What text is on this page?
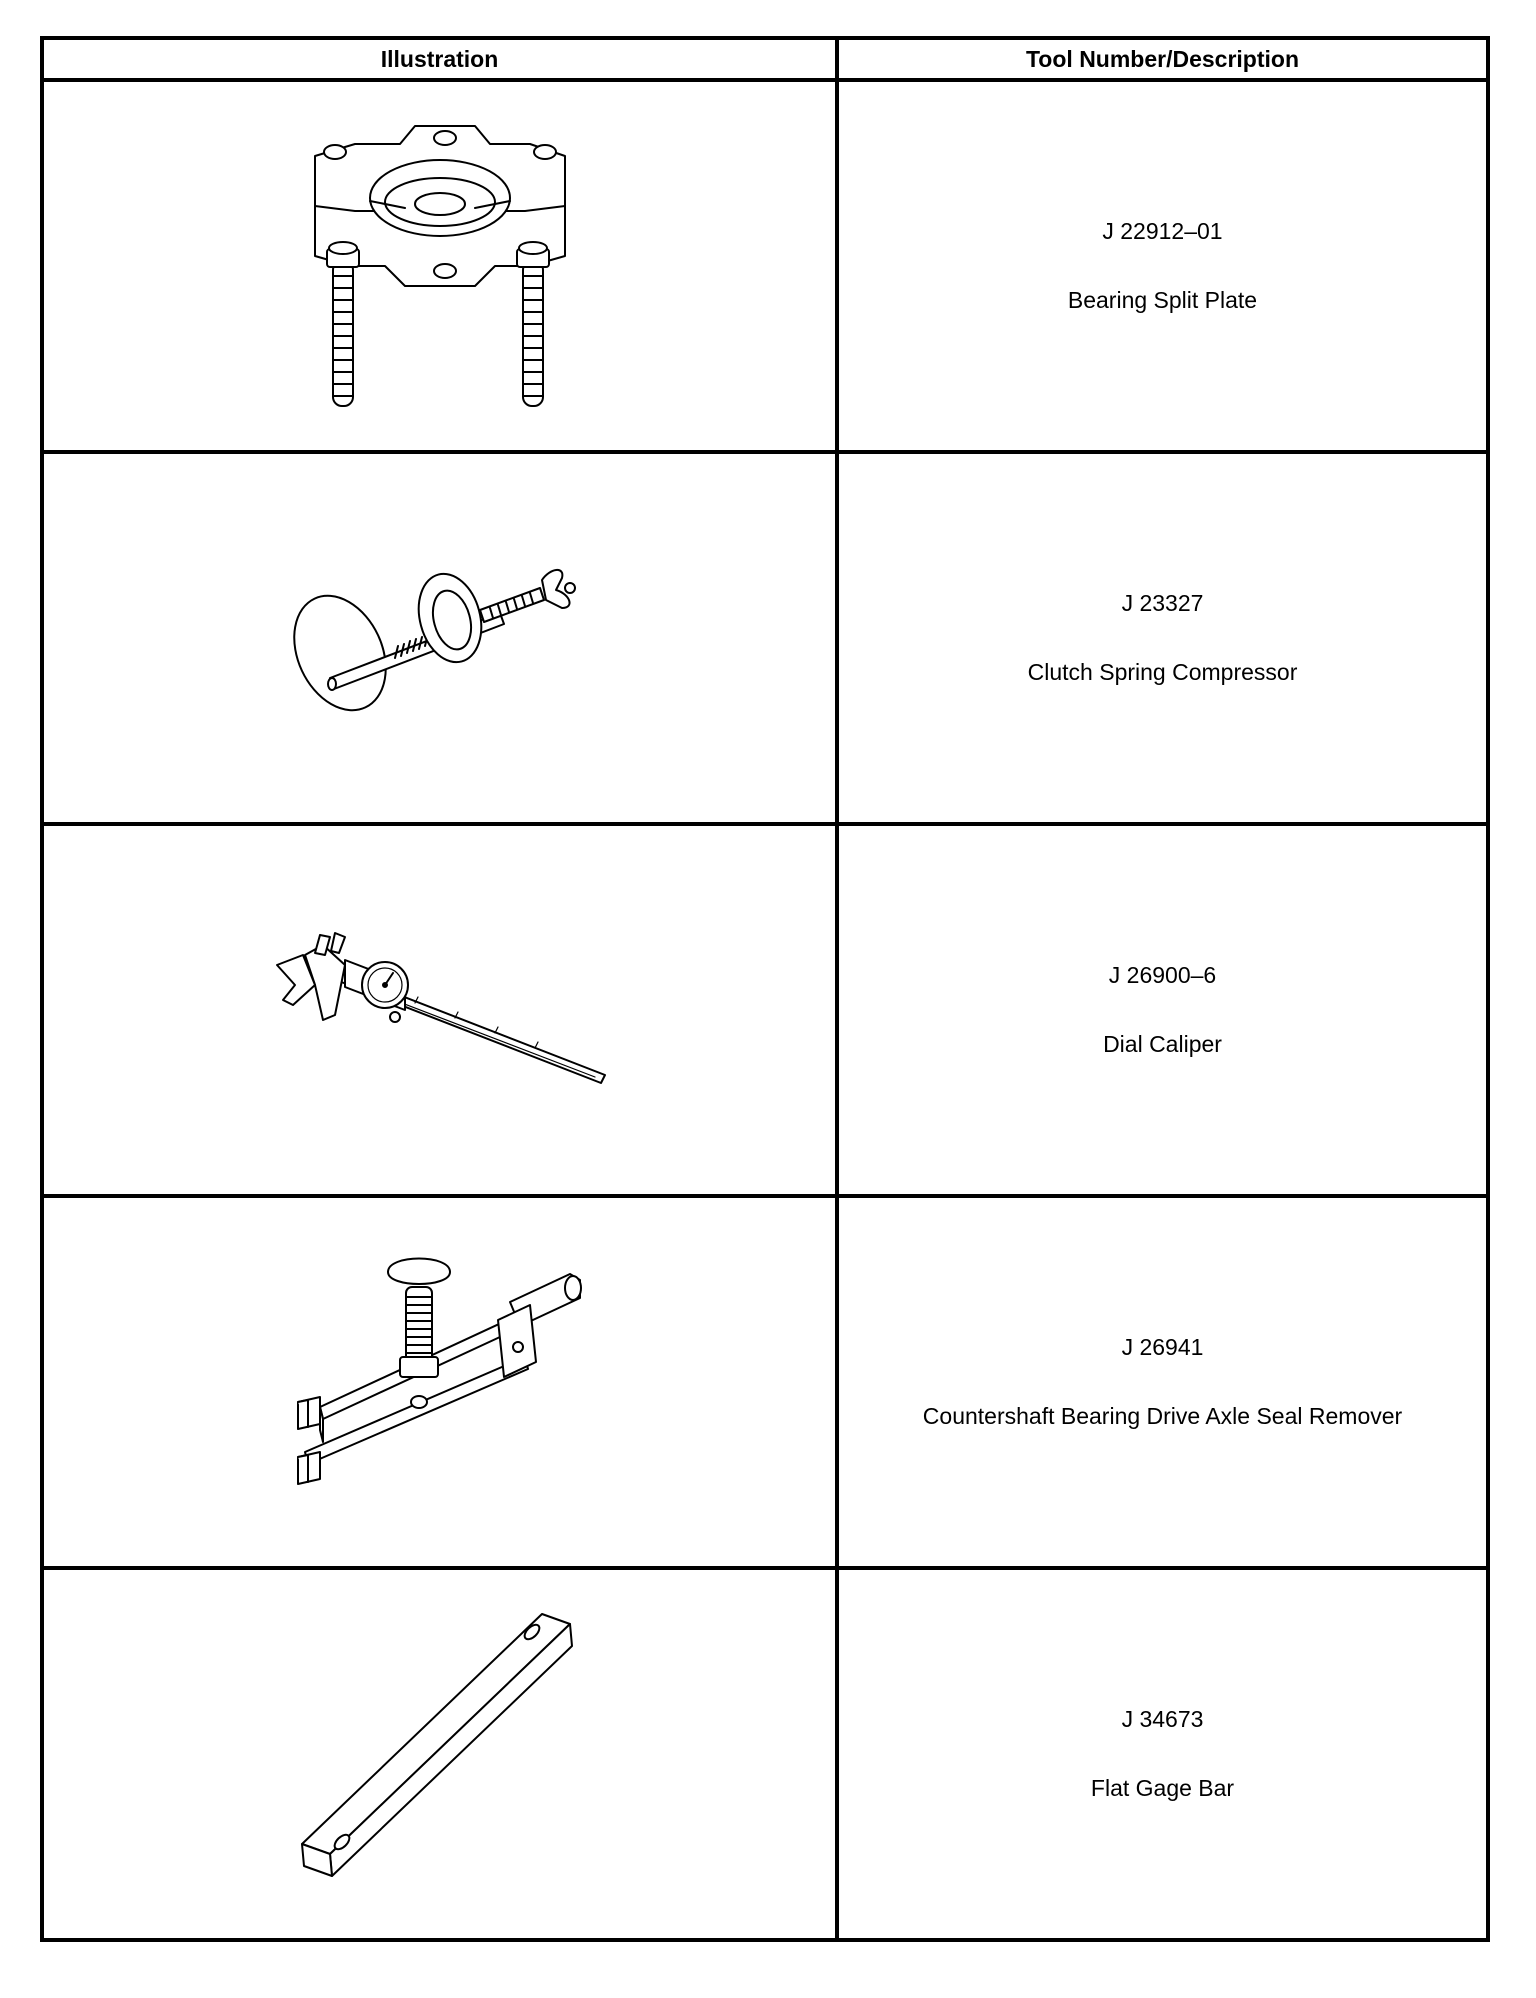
Illustration	Tool Number/Description

J 22912–01
Bearing Split Plate

J 23327
Clutch Spring Compressor

J 26900–6
Dial Caliper

J 26941
Countershaft Bearing Drive Axle Seal Remover

J 34673
Flat Gage Bar
